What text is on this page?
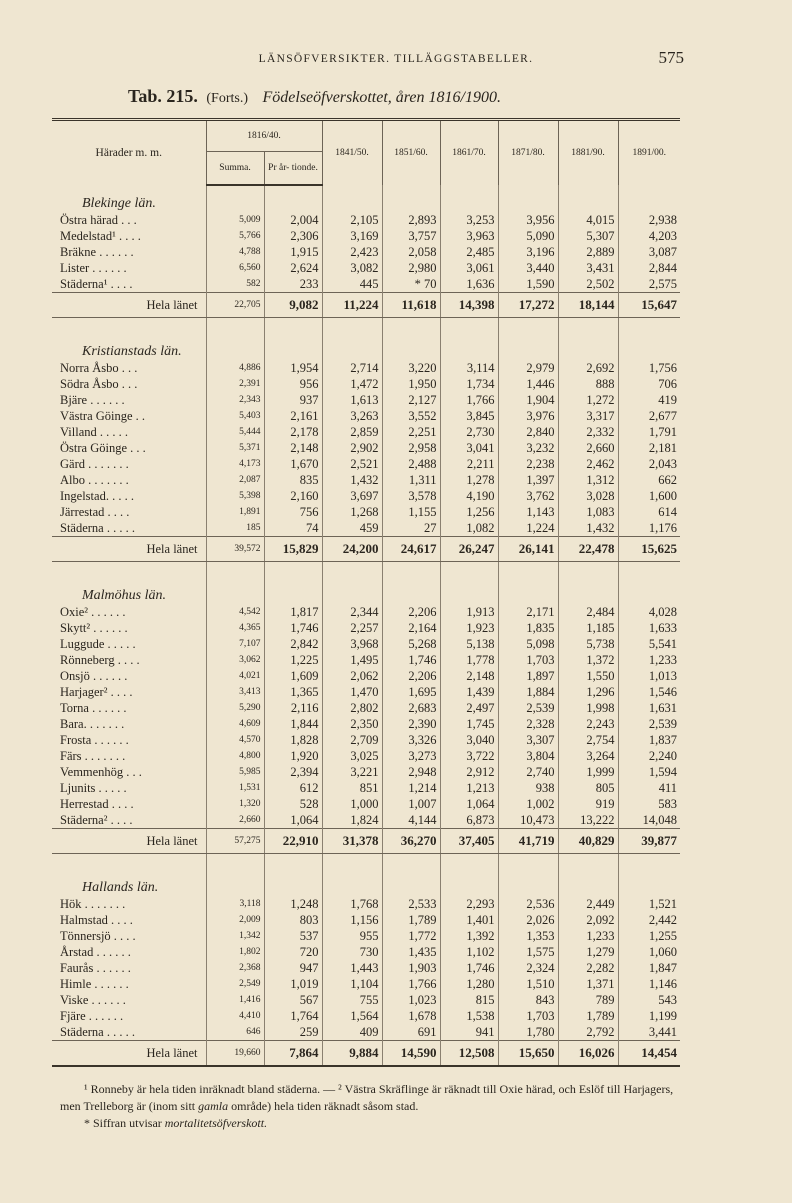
LÄNSÖFVERSIKTER. TILLÄGGSTABELLER.	575
Tab. 215. (Forts.) Födelseöfverskottet, åren 1816/1900.
Härader m. m.	1816/40.		1841/50.	1851/60.	1861/70.	1871/80.	1881/90.	1891/00.
	Summa.	Pr år- tionde.						
Blekinge län.								
Östra härad . . .	5,009	2,004	2,105	2,893	3,253	3,956	4,015	2,938
Medelstad¹ . . . .	5,766	2,306	3,169	3,757	3,963	5,090	5,307	4,203
Bräkne . . . . . .	4,788	1,915	2,423	2,058	2,485	3,196	2,889	3,087
Lister . . . . . .	6,560	2,624	3,082	2,980	3,061	3,440	3,431	2,844
Städerna¹ . . . .	582	233	445	* 70	1,636	1,590	2,502	2,575
Hela länet	22,705	9,082	11,224	11,618	14,398	17,272	18,144	15,647

Kristianstads län.								
Norra Åsbo . . .	4,886	1,954	2,714	3,220	3,114	2,979	2,692	1,756
Södra Åsbo . . .	2,391	956	1,472	1,950	1,734	1,446	888	706
Bjäre . . . . . .	2,343	937	1,613	2,127	1,766	1,904	1,272	419
Västra Göinge . .	5,403	2,161	3,263	3,552	3,845	3,976	3,317	2,677
Villand . . . . .	5,444	2,178	2,859	2,251	2,730	2,840	2,332	1,791
Östra Göinge . . .	5,371	2,148	2,902	2,958	3,041	3,232	2,660	2,181
Gärd . . . . . . .	4,173	1,670	2,521	2,488	2,211	2,238	2,462	2,043
Albo . . . . . . .	2,087	835	1,432	1,311	1,278	1,397	1,312	662
Ingelstad. . . . .	5,398	2,160	3,697	3,578	4,190	3,762	3,028	1,600
Järrestad . . . .	1,891	756	1,268	1,155	1,256	1,143	1,083	614
Städerna . . . . .	185	74	459	27	1,082	1,224	1,432	1,176
Hela länet	39,572	15,829	24,200	24,617	26,247	26,141	22,478	15,625

Malmöhus län.								
Oxie² . . . . . .	4,542	1,817	2,344	2,206	1,913	2,171	2,484	4,028
Skytt² . . . . . .	4,365	1,746	2,257	2,164	1,923	1,835	1,185	1,633
Luggude . . . . .	7,107	2,842	3,968	5,268	5,138	5,098	5,738	5,541
Rönneberg . . . .	3,062	1,225	1,495	1,746	1,778	1,703	1,372	1,233
Onsjö . . . . . .	4,021	1,609	2,062	2,206	2,148	1,897	1,550	1,013
Harjager² . . . .	3,413	1,365	1,470	1,695	1,439	1,884	1,296	1,546
Torna . . . . . .	5,290	2,116	2,802	2,683	2,497	2,539	1,998	1,631
Bara. . . . . . .	4,609	1,844	2,350	2,390	1,745	2,328	2,243	2,539
Frosta . . . . . .	4,570	1,828	2,709	3,326	3,040	3,307	2,754	1,837
Färs . . . . . . .	4,800	1,920	3,025	3,273	3,722	3,804	3,264	2,240
Vemmenhög . . .	5,985	2,394	3,221	2,948	2,912	2,740	1,999	1,594
Ljunits . . . . .	1,531	612	851	1,214	1,213	938	805	411
Herrestad . . . .	1,320	528	1,000	1,007	1,064	1,002	919	583
Städerna² . . . .	2,660	1,064	1,824	4,144	6,873	10,473	13,222	14,048
Hela länet	57,275	22,910	31,378	36,270	37,405	41,719	40,829	39,877

Hallands län.								
Hök . . . . . . .	3,118	1,248	1,768	2,533	2,293	2,536	2,449	1,521
Halmstad . . . .	2,009	803	1,156	1,789	1,401	2,026	2,092	2,442
Tönnersjö . . . .	1,342	537	955	1,772	1,392	1,353	1,233	1,255
Årstad . . . . . .	1,802	720	730	1,435	1,102	1,575	1,279	1,060
Faurås . . . . . .	2,368	947	1,443	1,903	1,746	2,324	2,282	1,847
Himle . . . . . .	2,549	1,019	1,104	1,766	1,280	1,510	1,371	1,146
Viske . . . . . .	1,416	567	755	1,023	815	843	789	543
Fjäre . . . . . .	4,410	1,764	1,564	1,678	1,538	1,703	1,789	1,199
Städerna . . . . .	646	259	409	691	941	1,780	2,792	3,441
Hela länet	19,660	7,864	9,884	14,590	12,508	15,650	16,026	14,454

¹ Ronneby är hela tiden inräknadt bland städerna. — ² Västra Skräflinge är räknadt till Oxie härad, och Eslöf till Harjagers, men Trelleborg är (inom sitt gamla område) hela tiden räknadt såsom stad.

* Siffran utvisar mortalitetsöfverskott.
